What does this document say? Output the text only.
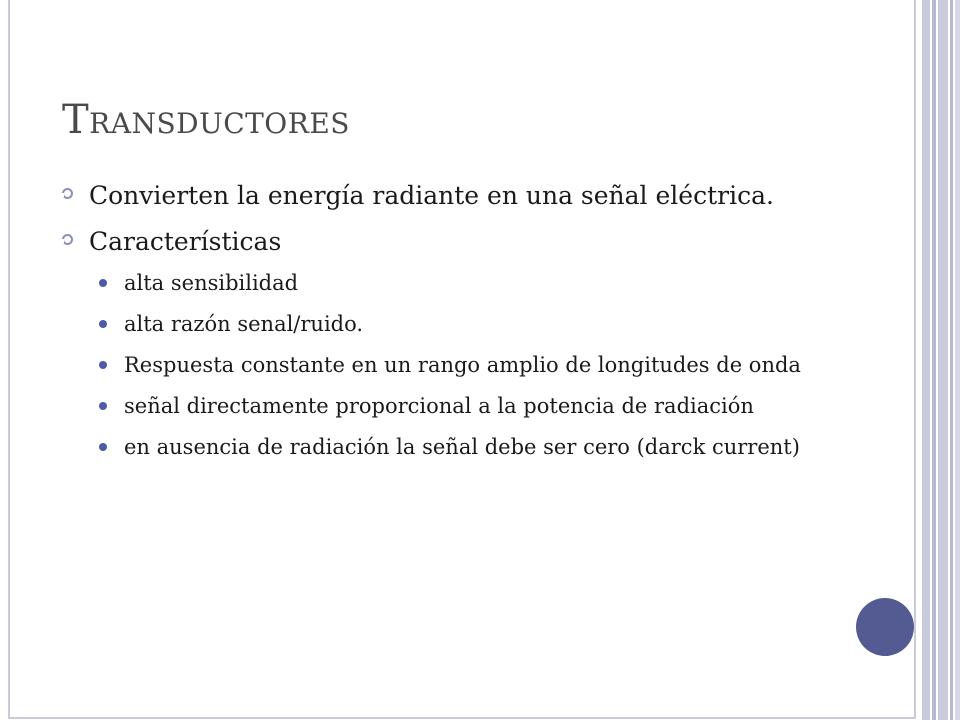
Transductores
Convierten la energía radiante en una señal eléctrica.
Características
alta sensibilidad
alta razón senal/ruido.
Respuesta constante en un rango amplio de longitudes de onda
señal directamente proporcional a la potencia de radiación
en ausencia de radiación la señal debe ser cero (darck current)
